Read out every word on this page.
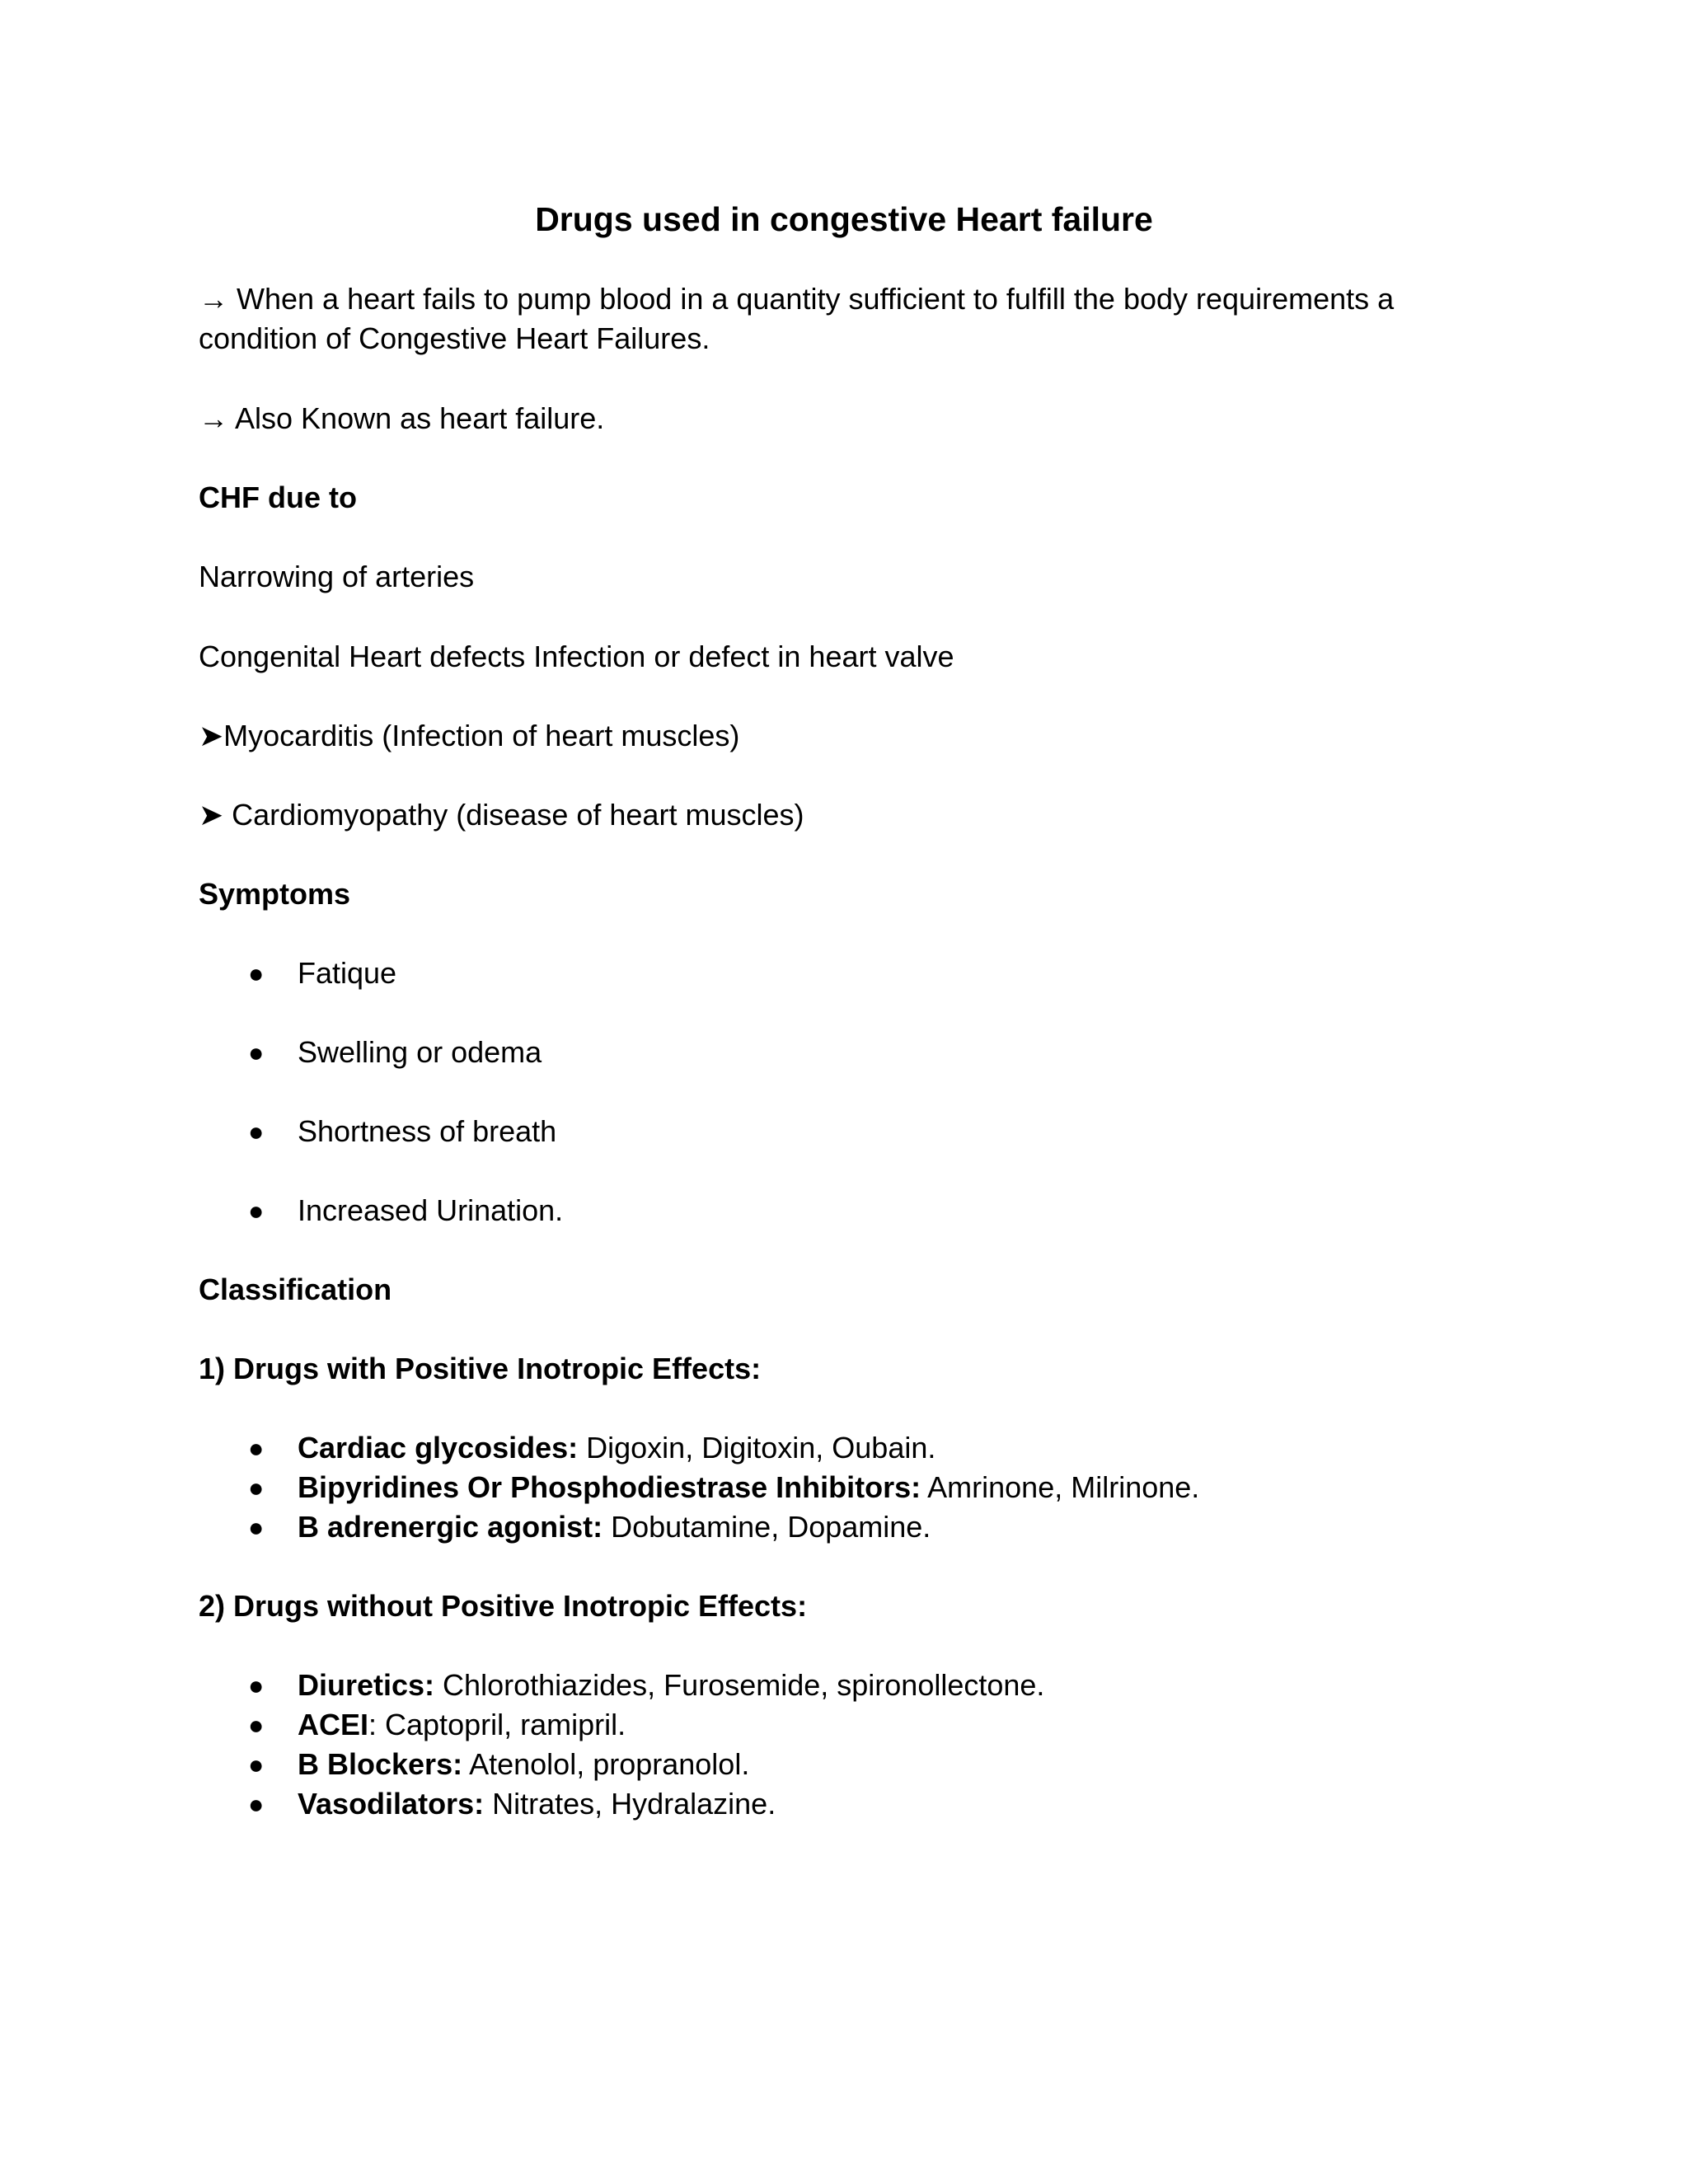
Drugs used in congestive Heart failure

→ When a heart fails to pump blood in a quantity sufficient to fulfill the body requirements a condition of Congestive Heart Failures.

→ Also Known as heart failure.

CHF due to

Narrowing of arteries

Congenital Heart defects Infection or defect in heart valve

➤Myocarditis (Infection of heart muscles)

➤ Cardiomyopathy (disease of heart muscles)

Symptoms

● Fatique

● Swelling or odema

● Shortness of breath

● Increased Urination.

Classification

1) Drugs with Positive Inotropic Effects:

● Cardiac glycosides: Digoxin, Digitoxin, Oubain.

● Bipyridines Or Phosphodiestrase Inhibitors: Amrinone, Milrinone.

● B adrenergic agonist: Dobutamine, Dopamine.

2) Drugs without Positive Inotropic Effects:

● Diuretics: Chlorothiazides, Furosemide, spironollectone.

● ACEI: Captopril, ramipril.

● B Blockers: Atenolol, propranolol.

● Vasodilators: Nitrates, Hydralazine.
